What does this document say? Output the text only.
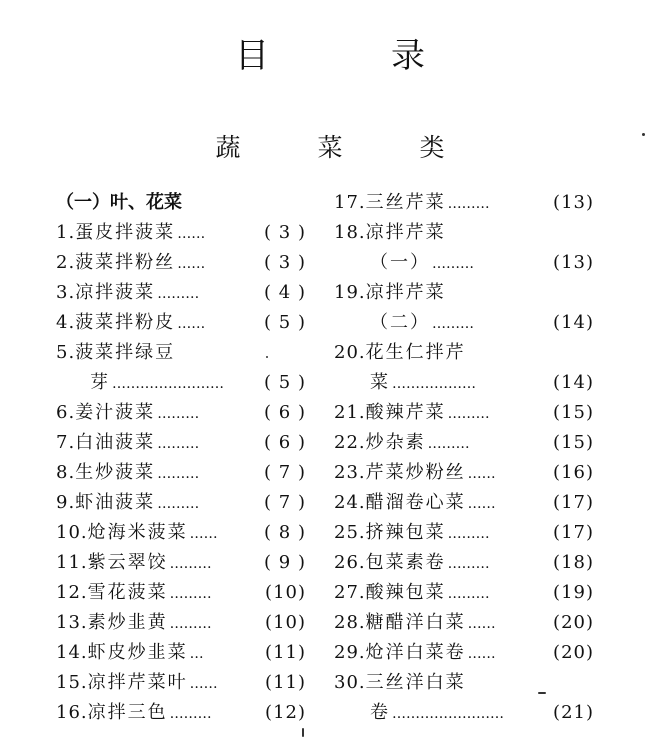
目　录
蔬　菜　类
（一）叶、花菜
1. 蛋皮拌菠菜 ……	( 3 )
2. 菠菜拌粉丝 ……	( 3 )
3. 凉拌菠菜 ………	( 4 )
4. 菠菜拌粉皮 ……	( 5 )
5. 菠菜拌绿豆
芽 ……………………	( 5 )
6. 姜汁菠菜 ………	( 6 )
7. 白油菠菜 ………	( 6 )
8. 生炒菠菜 ………	( 7 )
9. 虾油菠菜 ………	( 7 )
10. 炝海米菠菜 ……	( 8 )
11. 紫云翠饺 ………	( 9 )
12. 雪花菠菜 ………	(10)
13. 素炒韭黄 ………	(10)
14. 虾皮炒韭菜 …	(11)
15. 凉拌芹菜叶 ……	(11)
16. 凉拌三色 ………	(12)
17. 三丝芹菜 ………	(13)
18. 凉拌芹菜
（一） ………	(13)
19. 凉拌芹菜
（二） ………	(14)
20. 花生仁拌芹
菜 ………………	(14)
21. 酸辣芹菜 ………	(15)
22. 炒杂素 ………	(15)
23. 芹菜炒粉丝 ……	(16)
24. 醋溜卷心菜 ……	(17)
25. 挤辣包菜 ………	(17)
26. 包菜素卷 ………	(18)
27. 酸辣包菜 ………	(19)
28. 糖醋洋白菜 ……	(20)
29. 炝洋白菜卷 ……	(20)
30. 三丝洋白菜
卷 ……………………	(21)
